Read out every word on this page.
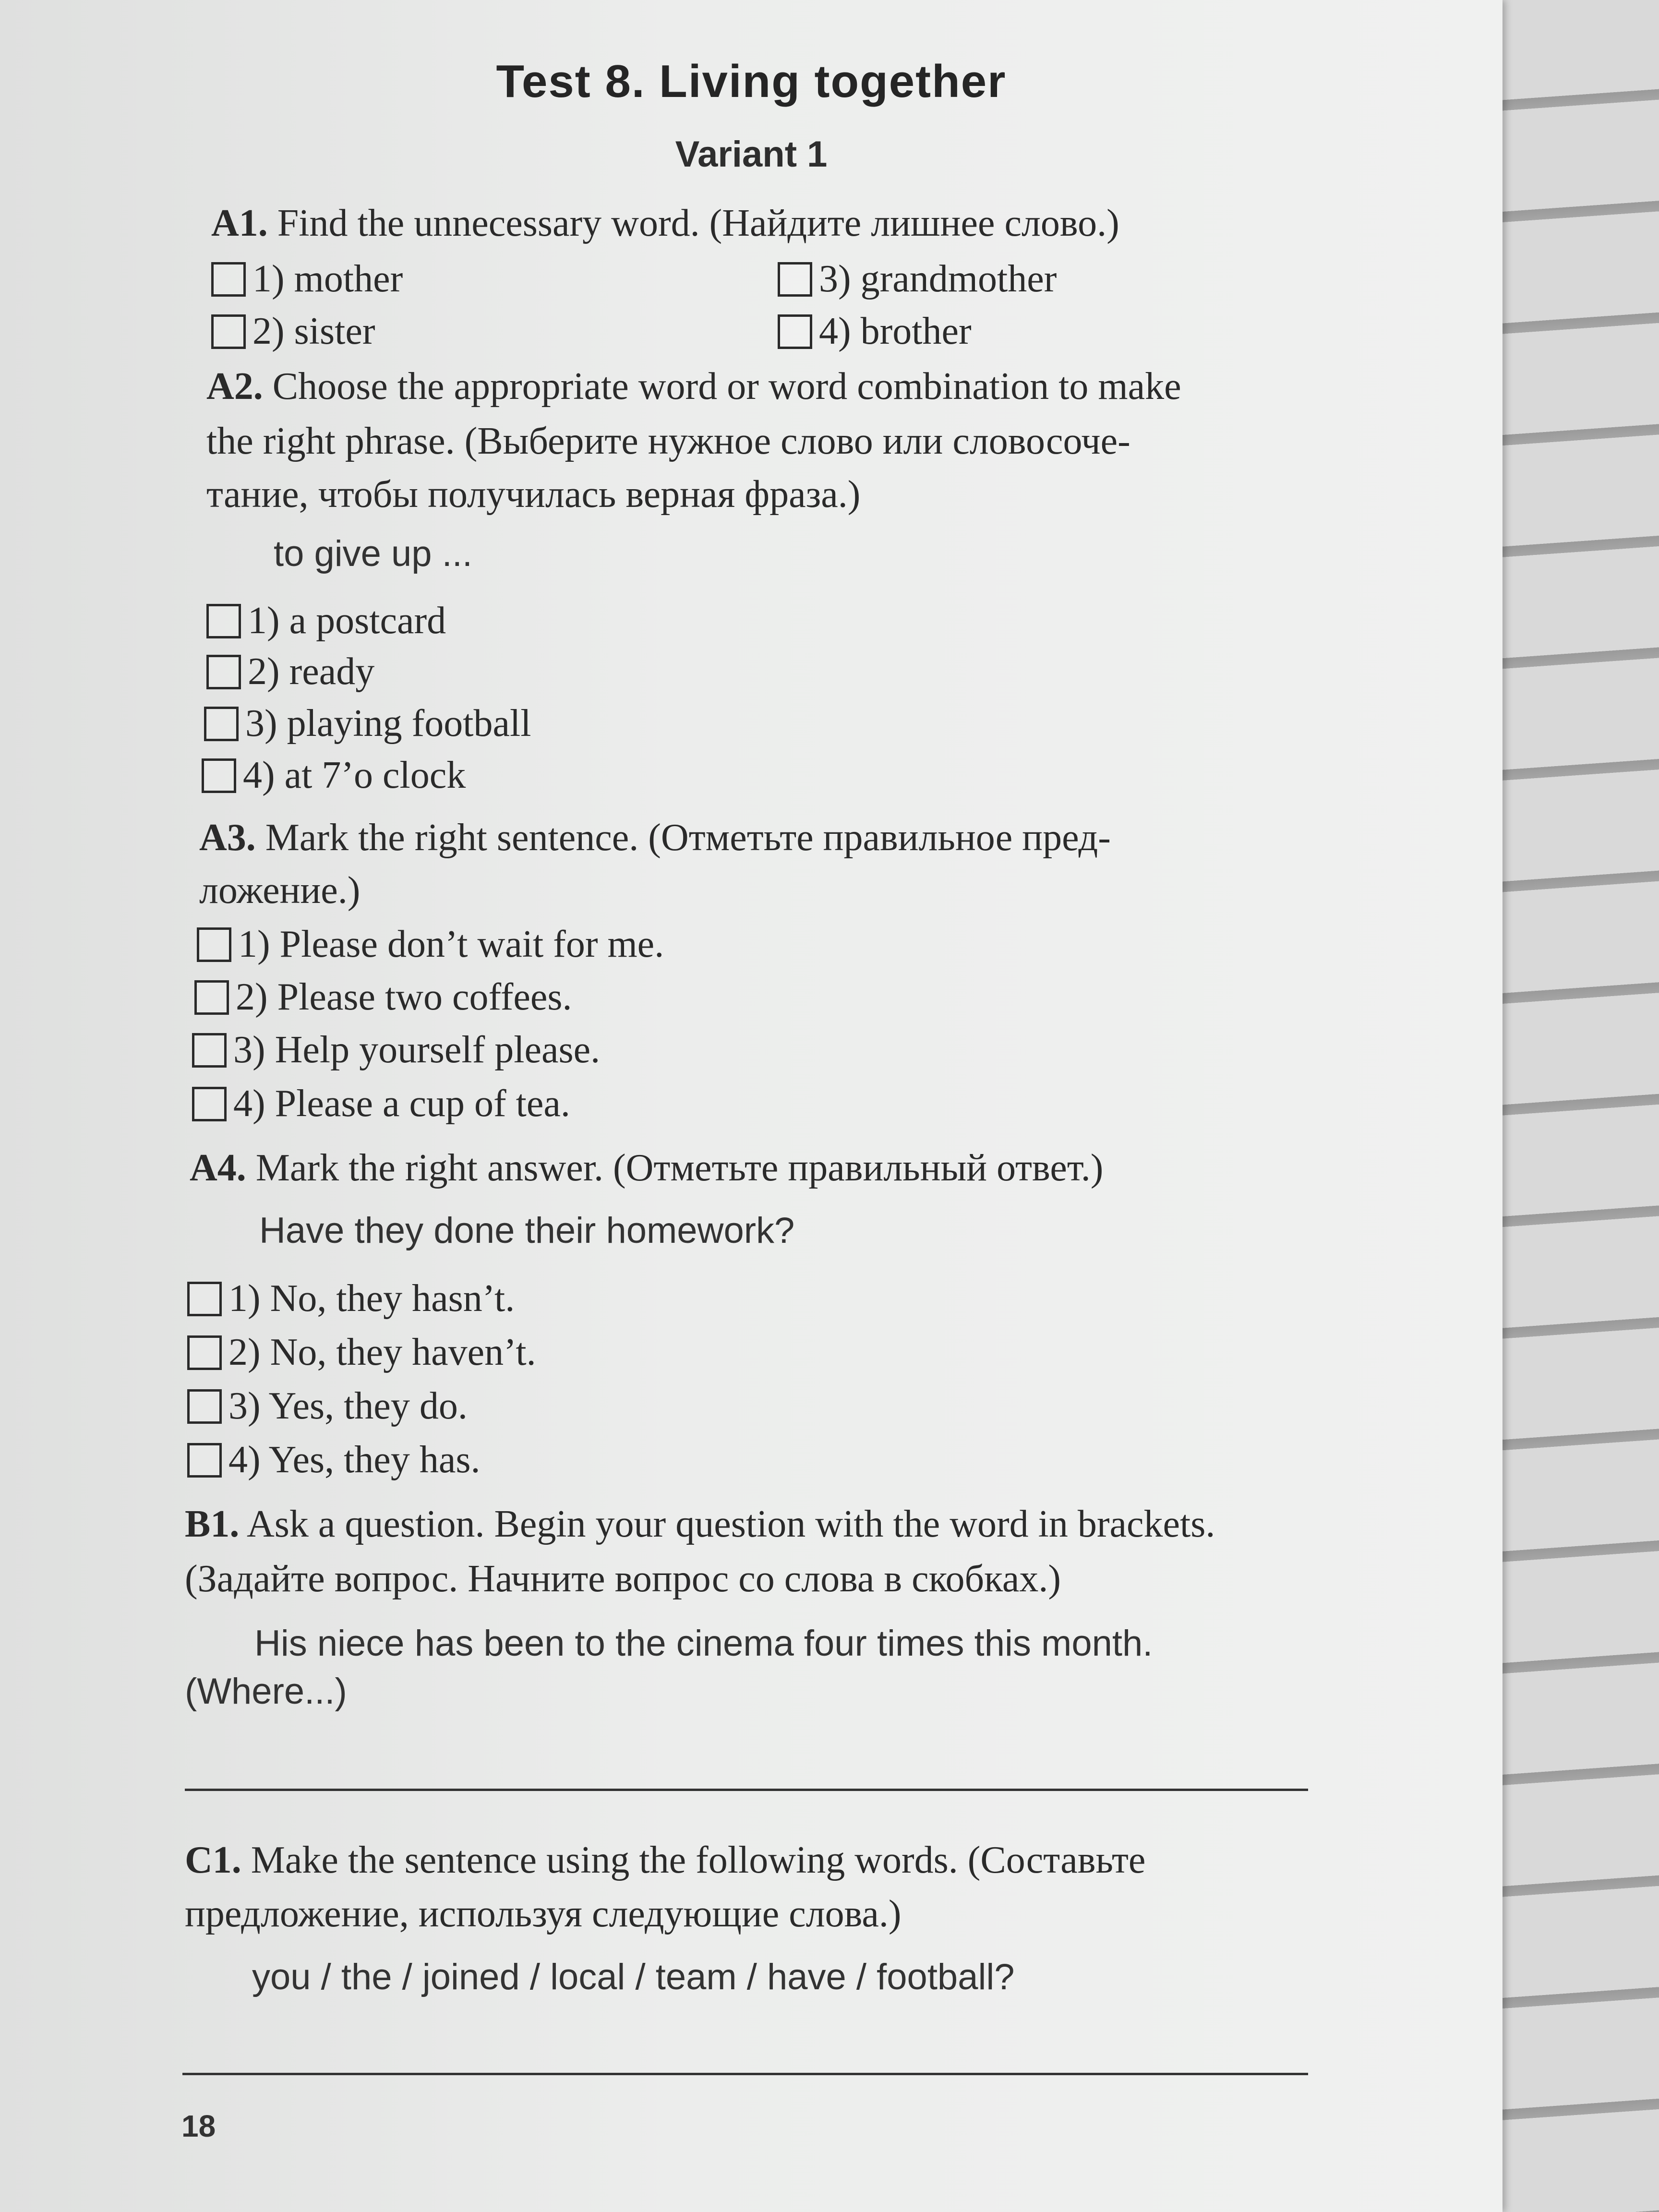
Test 8. Living together
Variant 1
A1. Find the unnecessary word. (Найдите лишнее слово.)
1) mother
2) sister
3) grandmother
4) brother
A2. Choose the appropriate word or word combination to make
the right phrase. (Выберите нужное слово или словосоче-
тание, чтобы получилась верная фраза.)
to give up ...
1) a postcard
2) ready
3) playing football
4) at 7’o clock
A3. Mark the right sentence. (Отметьте правильное пред-
ложение.)
1) Please don’t wait for me.
2) Please two coffees.
3) Help yourself please.
4) Please a cup of tea.
A4. Mark the right answer. (Отметьте правильный ответ.)
Have they done their homework?
1) No, they hasn’t.
2) No, they haven’t.
3) Yes, they do.
4) Yes, they has.
B1. Ask a question. Begin your question with the word in brackets.
(Задайте вопрос. Начните вопрос со слова в скобках.)
His niece has been to the cinema four times this month.
(Where...)
C1. Make the sentence using the following words. (Составьте
предложение, используя следующие слова.)
you / the / joined / local / team / have / football?
18
